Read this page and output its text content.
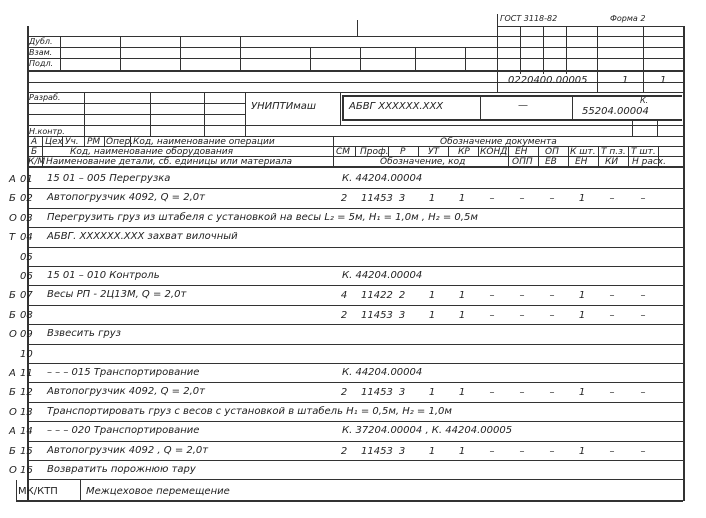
ГОСТ 3118-82	Форма 2
Дубл.
Взам.
Подл.
0220400.00005	1	1
Разраб.
УНИПТИмаш	АБВГ ХХХХХХ.ХХХ	—	К.
55204.00004
Н.контр.
А Цех Уч. РМ Опер. Код, наименование операции	Обозначение документа
Б	Код, наименование оборудования	СМ Проф. Р	УТ КР КОНД ЕН ОП К шт. Т п.з. Т шт.
К/М Наименование детали, сб. единицы или материала	Обозначение, код	ОПП ЕВ ЕН КИ Н расх.
А 01	15 01 – 005 Перегрузка	К. 44204.00004
Б 02	Автопогрузчик 4092, Q = 2,0т	2	11453 3	1	1	–	–	–	1	–	–
О 03	Перегрузить груз из штабеля с установкой на весы L₂ = 5м, H₁ = 1,0м , H₂ = 0,5м
Т 04	АБВГ. ХХХХХХ.ХХХ захват вилочный
05
06	15 01 – 010 Контроль	К. 44204.00004
Б 07	Весы РП - 2Ц13М, Q = 2,0т	4	11422 2	1	1	–	–	–	1	–	–
Б 08	2	11453 3	1	1	–	–	–	1	–	–
О 09	Взвесить груз
10
А 11	– – – 015 Транспортирование	К. 44204.00004
Б 12	Автопогрузчик 4092, Q = 2,0т	2	11453 3	1	1	–	–	–	1	–	–
О 13	Транспортировать груз с весов с установкой в штабель H₁ = 0,5м, H₂ = 1,0м
А 14	– – – 020 Транспортирование	К. 37204.00004 , К. 44204.00005
Б 15	Автопогрузчик 4092 , Q = 2,0т	2	11453 3	1	1	–	–	–	1	–	–
О 16	Возвратить порожнюю тару
МК/КТП	Межцеховое перемещение
